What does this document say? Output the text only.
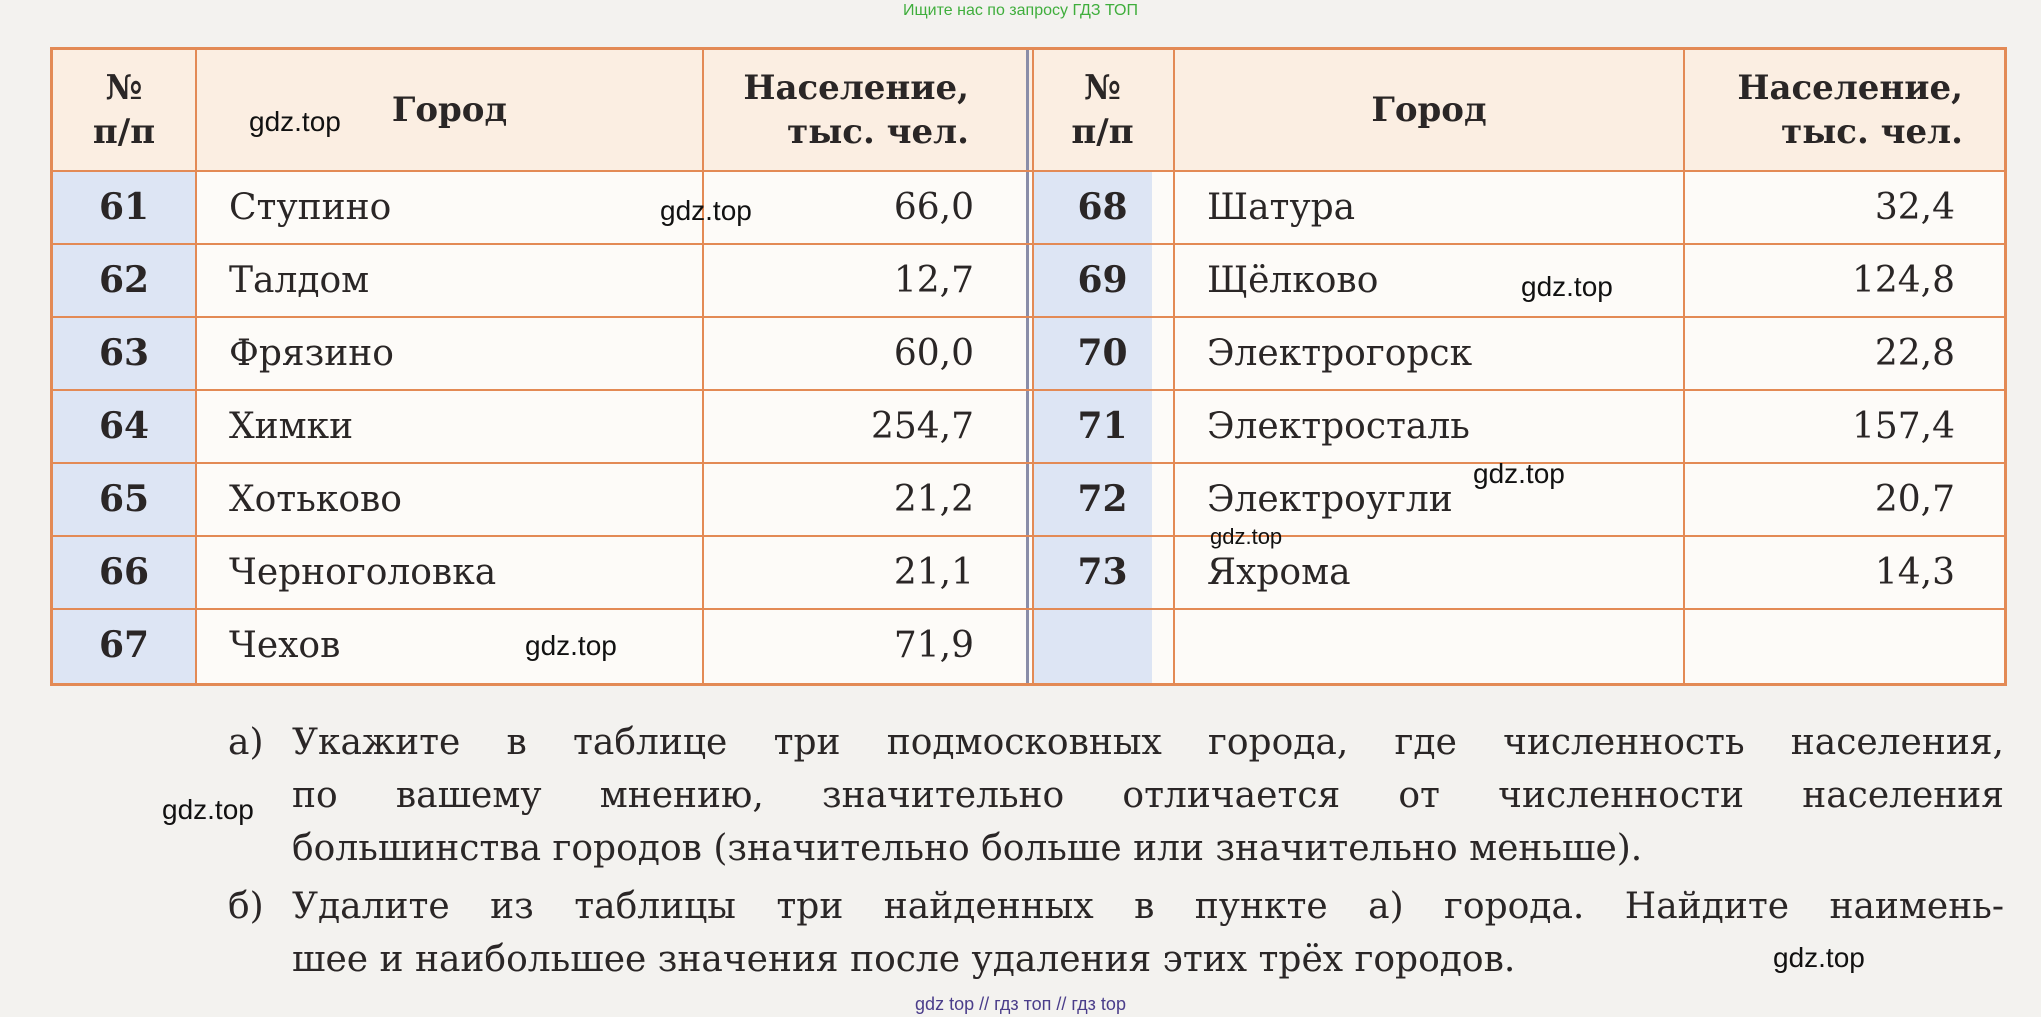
Ищите нас по запросу ГДЗ ТОП
№
п/п
Город
Население,
тыс. чел.
№
п/п
Город
Население,
тыс. чел.
61	Ступино	66,0
62	Талдом	12,7
63	Фрязино	60,0
64	Химки	254,7
65	Хотьково	21,2
66	Черноголовка	21,1
67	Чехов	71,9
68	Шатура	32,4
69	Щёлково	124,8
70	Электрогорск	22,8
71	Электросталь	157,4
72	Электроугли	20,7
73	Яхрома	14,3
gdz.top
gdz.top
gdz.top
gdz.top
gdz.top
gdz.top
gdz.top
gdz.top
а) Укажите в таблице три подмосковных города, где численность населения,
по вашему мнению, значительно отличается от численности населения
большинства городов (значительно больше или значительно меньше).
б) Удалите из таблицы три найденных в пункте а) города. Найдите наимень-
шее и наибольшее значения после удаления этих трёх городов.
gdz top // гдз топ // гдз top
